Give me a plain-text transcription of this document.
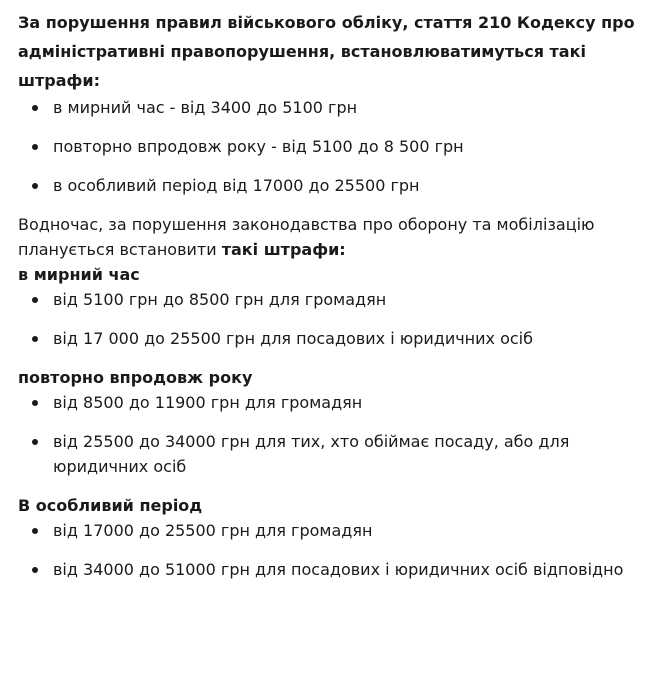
За порушення правил військового обліку, стаття 210 Кодексу про
адміністративні правопорушення, встановлюватимуться такі
штрафи:
в мирний час - від 3400 до 5100 грн
повторно впродовж року - від 5100 до 8 500 грн
в особливий період від 17000 до 25500 грн
Водночас, за порушення законодавства про оборону та мобілізацію
планується встановити такі штрафи:
в мирний час
від 5100 грн до 8500 грн для громадян
від 17 000 до 25500 грн для посадових і юридичних осіб
повторно впродовж року
від 8500 до 11900 грн для громадян
від 25500 до 34000 грн для тих, хто обіймає посаду, або для
юридичних осіб
В особливий період
від 17000 до 25500 грн для громадян
від 34000 до 51000 грн для посадових і юридичних осіб відповідно
